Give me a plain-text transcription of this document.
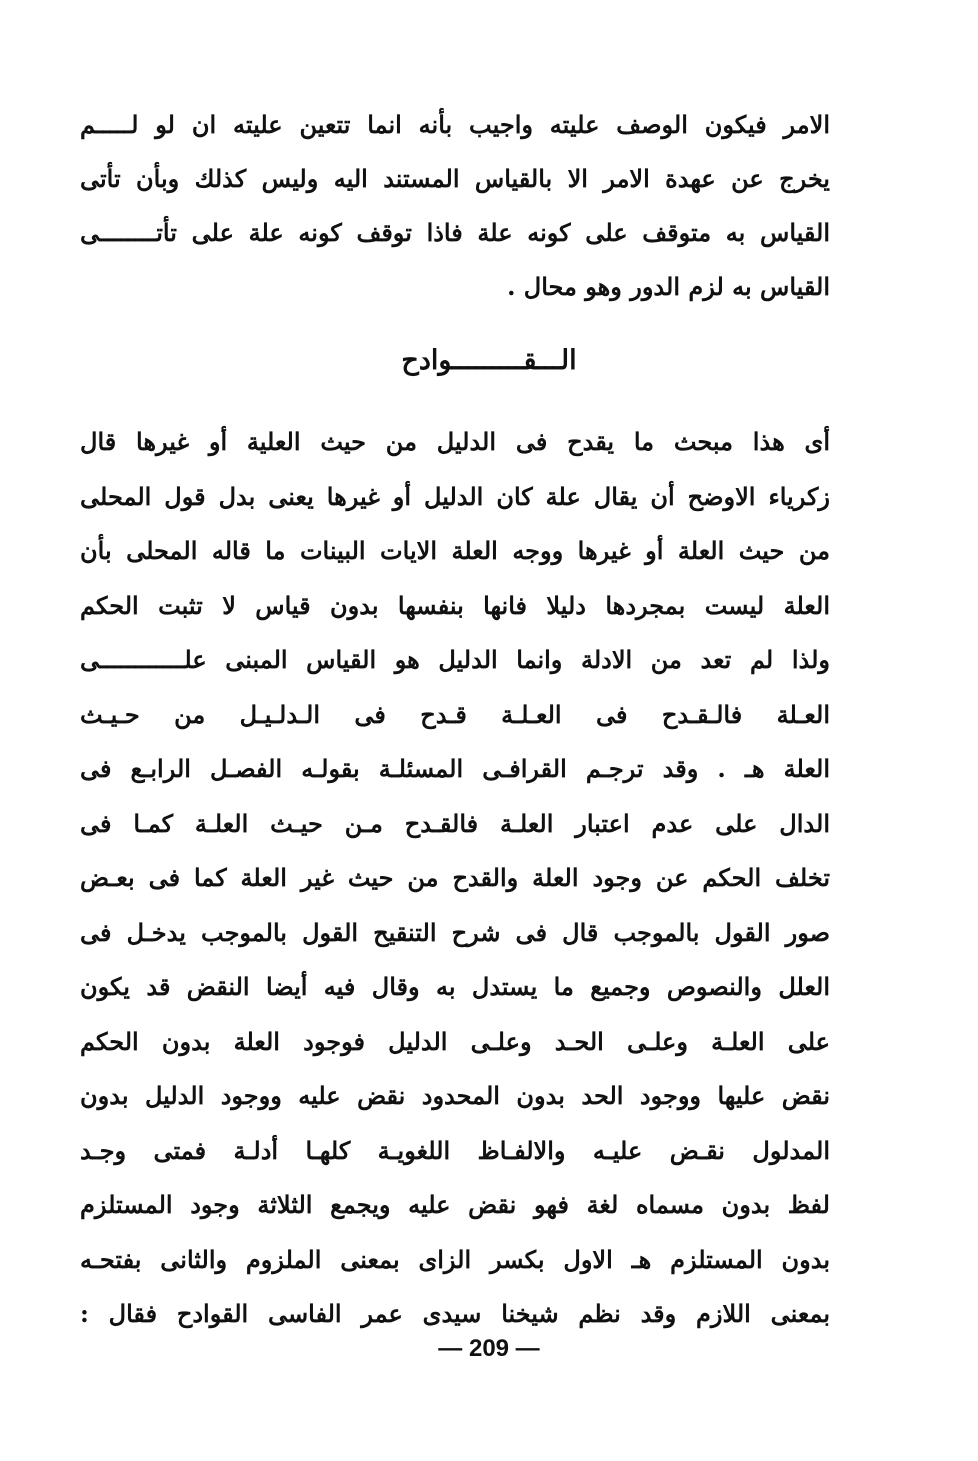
الامر فيكون الوصف عليته واجيب بأنه انما تتعين عليته ان لو لـــــم
يخرج عن عهدة الامر الا بالقياس المستند اليه وليس كذلك وبأن تأتى
القياس به متوقف على كونه علة فاذا توقف كونه علة على تأتــــــــى
القياس به لزم الدور وهو محال .
الـــقـــــــــوادح
أى هذا مبحث ما يقدح فى الدليل من حيث العلية أو غيرها قال
زكرياء الاوضح أن يقال علة كان الدليل أو غيرها يعنى بدل قول المحلى
من حيث العلة أو غيرها ووجه العلة الايات البينات ما قاله المحلى بأن
العلة ليست بمجردها دليلا فانها بنفسها بدون قياس لا تثبت الحكم
ولذا لم تعد من الادلة وانما الدليل هو القياس المبنى علــــــــــــى
العـلة فالـقـدح فى العـلـة قـدح فى الـدلـيـل من حـيـث
العلة هـ . وقد ترجـم القرافـى المسئلـة بقولـه الفصـل الرابـع فى
الدال على عدم اعتبار العلـة فالقـدح مـن حيـث العلـة كمـا فى
تخلف الحكم عن وجود العلة والقدح من حيث غير العلة كما فى بعـض
صور القول بالموجب قال فى شرح التنقيح القول بالموجب يدخـل فى
العلل والنصوص وجميع ما يستدل به وقال فيه أيضا النقض قد يكون
على العلـة وعلـى الحـد وعلـى الدليل فوجود العلة بدون الحكم
نقض عليها ووجود الحد بدون المحدود نقض عليه ووجود الدليل بدون
المدلول نقـض عليـه والالفـاظ اللغويـة كلهـا أدلـة فمتى وجـد
لفظ بدون مسماه لغة فهو نقض عليه ويجمع الثلاثة وجود المستلزم
بدون المستلزم هـ الاول بكسر الزاى بمعنى الملزوم والثانى بفتحـه
بمعنى اللازم وقد نظم شيخنا سيدى عمر الفاسى القوادح فقال :
— 209 —
